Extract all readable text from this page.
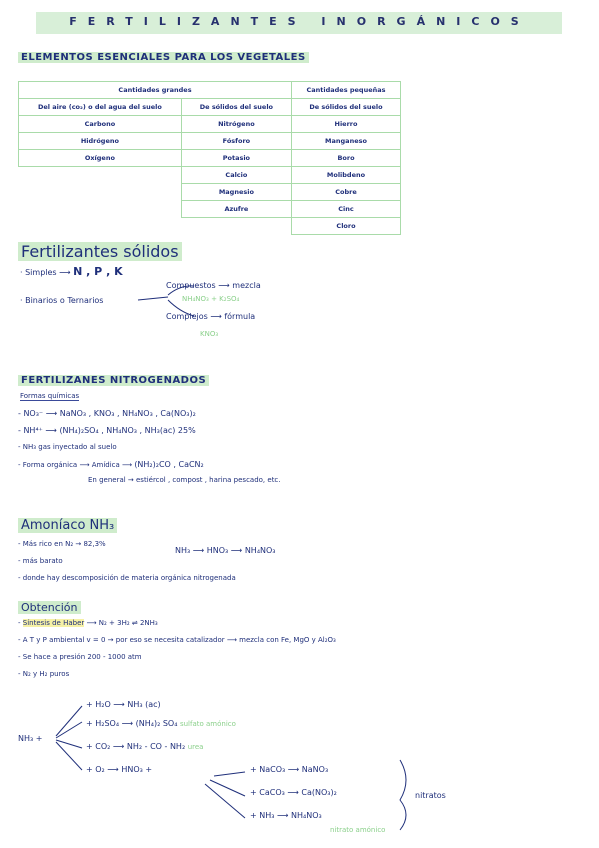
FERTILIZANTES INORGÁNICOS
ELEMENTOS ESENCIALES PARA LOS VEGETALES
Cantidades grandes		Cantidades pequeñas
Del aire (co₂) o del agua del suelo	De sólidos del suelo	De sólidos del suelo
Carbono	Nitrógeno	Hierro
Hidrógeno	Fósforo	Manganeso
Oxígeno	Potasio	Boro
	Calcio	Molibdeno
	Magnesio	Cobre
	Azufre	Cinc
		Cloro
Fertilizantes sólidos
· Simples ⟶ N , P , K
· Binarios o Ternarios
Compuestos ⟶ mezcla
NH₄NO₃ + K₂SO₄
Complejos ⟶ fórmula
KNO₃
FERTILIZANES NITROGENADOS
Formas químicas
- NO₃⁻ ⟶ NaNO₃ , KNO₃ , NH₄NO₃ , Ca(NO₃)₂
- NH⁴⁺ ⟶ (NH₄)₂SO₄ , NH₄NO₃ , NH₃(ac) 25%
- NH₃ gas inyectado al suelo
- Forma orgánica ⟶ Amídica ⟶ (NH₂)₂CO , CaCN₂
En general → estiércol , compost , harina pescado, etc.
Amoníaco NH₃
- Más rico en N₂ → 82,3%
- más barato
- donde hay descomposición de materia orgánica nitrogenada
NH₃ ⟶ HNO₃ ⟶ NH₄NO₃
Obtención
- Síntesis de Haber ⟶ N₂ + 3H₂ ⇌ 2NH₃
- A T y P ambiental v = 0 → por eso se necesita catalizador ⟶ mezcla con Fe, MgO y Al₂O₃
- Se hace a presión 200 - 1000 atm
- N₂ y H₂ puros
NH₃ +
+ H₂O ⟶ NH₃ (ac)
+ H₂SO₄ ⟶ (NH₄)₂ SO₄ sulfato amónico
+ CO₂ ⟶ NH₂ - CO - NH₂ urea
+ O₂ ⟶ HNO₃ +	+ NaCO₃ ⟶ NaNO₃
+ CaCO₃ ⟶ Ca(NO₃)₂
+ NH₃ ⟶ NH₄NO₃
nitrato amónico
nitratos
